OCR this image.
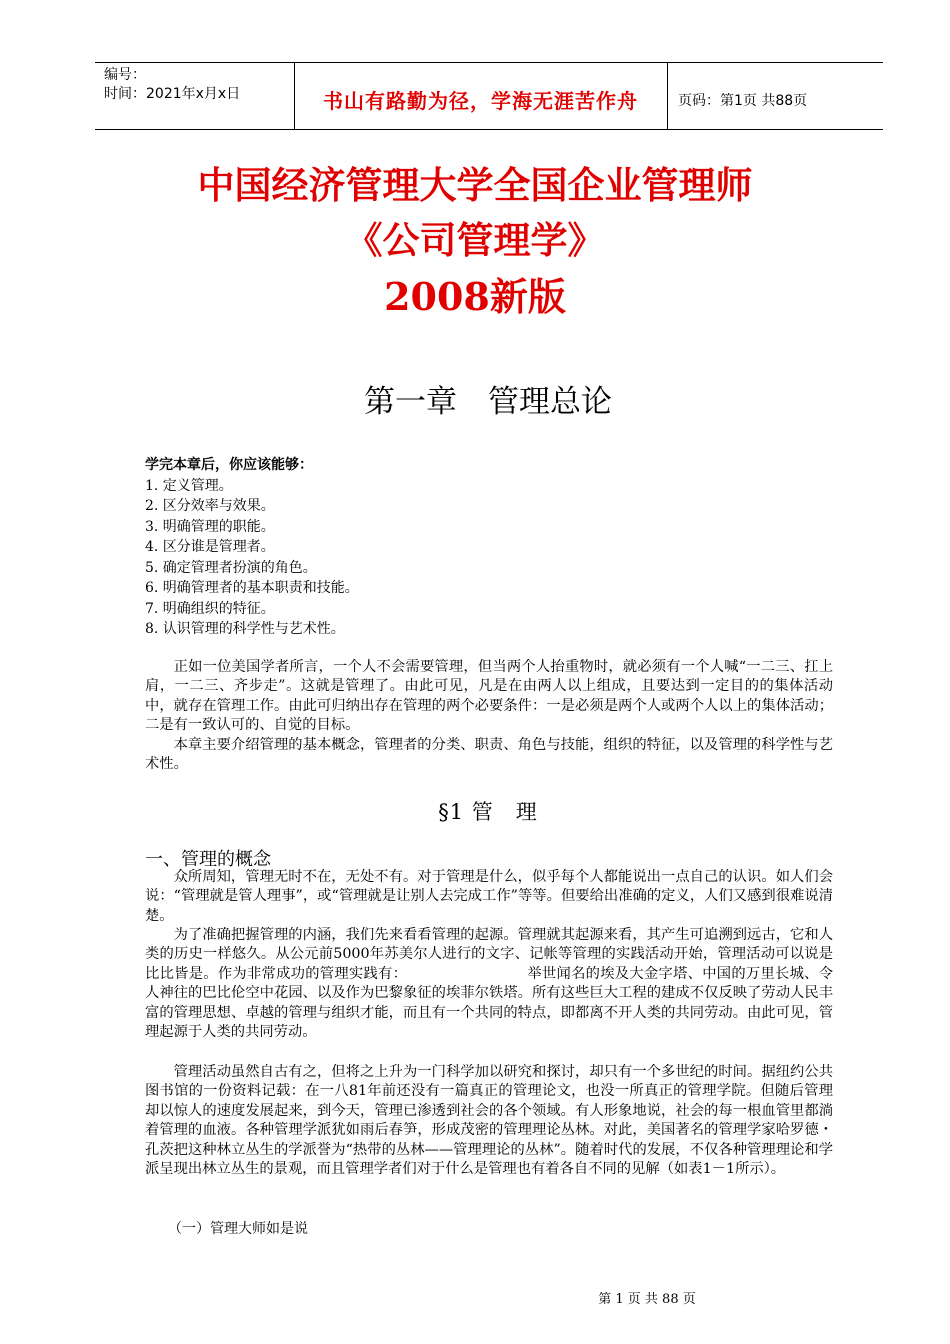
编号：
时间：2021年x月x日	书山有路勤为径，学海无涯苦作舟	页码：第1页 共88页
中国经济管理大学全国企业管理师
《公司管理学》
2008新版
第一章　管理总论
学完本章后，你应该能够：
1. 定义管理。
2. 区分效率与效果。
3. 明确管理的职能。
4. 区分谁是管理者。
5. 确定管理者扮演的角色。
6. 明确管理者的基本职责和技能。
7. 明确组织的特征。
8. 认识管理的科学性与艺术性。

正如一位美国学者所言，一个人不会需要管理，但当两个人抬重物时，就必须有一个人喊“一二三、扛上肩，一二三、齐步走”。这就是管理了。由此可见，凡是在由两人以上组成，且要达到一定目的的集体活动中，就存在管理工作。由此可归纳出存在管理的两个必要条件：一是必须是两个人或两个人以上的集体活动；二是有一致认可的、自觉的目标。

本章主要介绍管理的基本概念，管理者的分类、职责、角色与技能，组织的特征，以及管理的科学性与艺术性。

§1 管　理
一、管理的概念

众所周知，管理无时不在，无处不有。对于管理是什么，似乎每个人都能说出一点自己的认识。如人们会说：“管理就是管人理事”，或“管理就是让别人去完成工作”等等。但要给出准确的定义，人们又感到很难说清楚。

为了准确把握管理的内涵，我们先来看看管理的起源。管理就其起源来看，其产生可追溯到远古，它和人类的历史一样悠久。从公元前5000年苏美尔人进行的文字、记帐等管理的实践活动开始，管理活动可以说是比比皆是。作为非常成功的管理实践有：	举世闻名的埃及大金字塔、中国的万里长城、令人神往的巴比伦空中花园、以及作为巴黎象征的埃菲尔铁塔。所有这些巨大工程的建成不仅反映了劳动人民丰富的管理思想、卓越的管理与组织才能，而且有一个共同的特点，即都离不开人类的共同劳动。由此可见，管理起源于人类的共同劳动。

管理活动虽然自古有之，但将之上升为一门科学加以研究和探讨，却只有一个多世纪的时间。据纽约公共图书馆的一份资料记载：在一八81年前还没有一篇真正的管理论文，也没一所真正的管理学院。但随后管理却以惊人的速度发展起来，到今天，管理已渗透到社会的各个领域。有人形象地说，社会的每一根血管里都淌着管理的血液。各种管理学派犹如雨后春笋，形成茂密的管理理论丛林。对此，美国著名的管理学家哈罗德・孔茨把这种林立丛生的学派誉为“热带的丛林——管理理论的丛林”。随着时代的发展，不仅各种管理理论和学派呈现出林立丛生的景观，而且管理学者们对于什么是管理也有着各自不同的见解（如表1－1所示）。

（一）管理大师如是说
第 1 页 共 88 页
